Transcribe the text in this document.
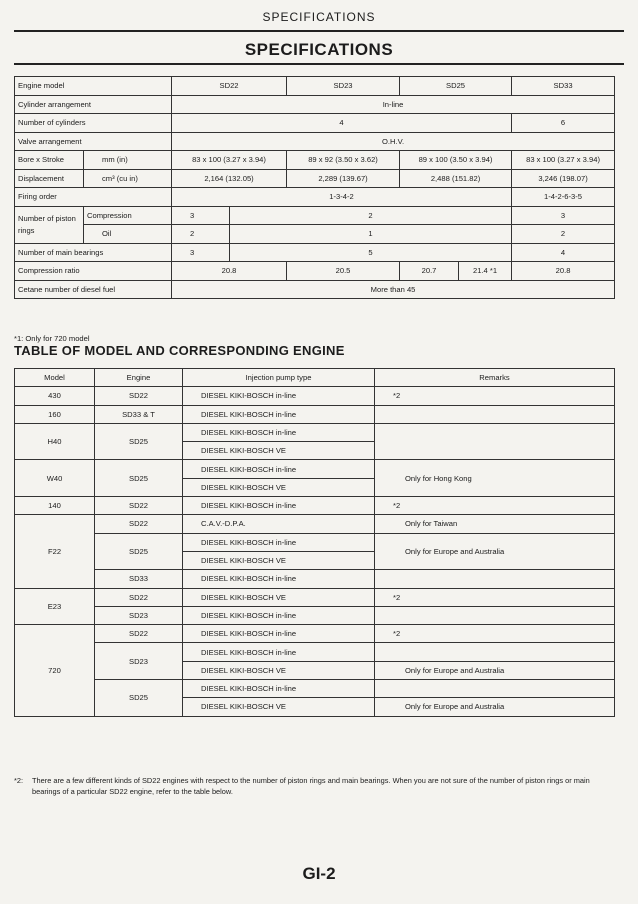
SPECIFICATIONS
SPECIFICATIONS
Engine model		SD22		SD23	SD25		SD33
Cylinder arrangement		In-line					
Number of cylinders		4					6
Valve arrangement		O.H.V.					
Bore x Stroke	mm (in)	83 x 100 (3.27 x 3.94)		89 x 92 (3.50 x 3.62)	89 x 100 (3.50 x 3.94)		83 x 100 (3.27 x 3.94)
Displacement	cm³ (cu in)	2,164 (132.05)		2,289 (139.67)	2,488 (151.82)		3,246 (198.07)
Firing order		1-3-4-2					1-4-2-6-3-5
Number of piston rings	Compression	3	2				3
	Oil	2	1				2
Number of main bearings		3	5				4
Compression ratio		20.8		20.5	20.7	21.4 *1	20.8
Cetane number of diesel fuel		More than 45					
*1: Only for 720 model
TABLE OF MODEL AND CORRESPONDING ENGINE
Model	Engine	Injection pump type	Remarks
430	SD22	DIESEL KIKI-BOSCH in-line	*2
160	SD33 & T	DIESEL KIKI-BOSCH in-line	
H40	SD25	DIESEL KIKI-BOSCH in-line	
		DIESEL KIKI-BOSCH VE	
W40	SD25	DIESEL KIKI-BOSCH in-line	Only for Hong Kong
		DIESEL KIKI-BOSCH VE	
140	SD22	DIESEL KIKI-BOSCH in-line	*2
F22	SD22	C.A.V.-D.P.A.	Only for Taiwan
	SD25	DIESEL KIKI-BOSCH in-line	Only for Europe and Australia
		DIESEL KIKI-BOSCH VE	
	SD33	DIESEL KIKI-BOSCH in-line	
E23	SD22	DIESEL KIKI-BOSCH VE	*2
	SD23	DIESEL KIKI-BOSCH in-line	
720	SD22	DIESEL KIKI-BOSCH in-line	*2
	SD23	DIESEL KIKI-BOSCH in-line	
		DIESEL KIKI-BOSCH VE	Only for Europe and Australia
	SD25	DIESEL KIKI-BOSCH in-line	
		DIESEL KIKI-BOSCH VE	Only for Europe and Australia
*2: There are a few different kinds of SD22 engines with respect to the number of piston rings and main bearings. When you are not sure of the number of piston rings or main bearings of a particular SD22 engine, refer to the table below.
GI-2
